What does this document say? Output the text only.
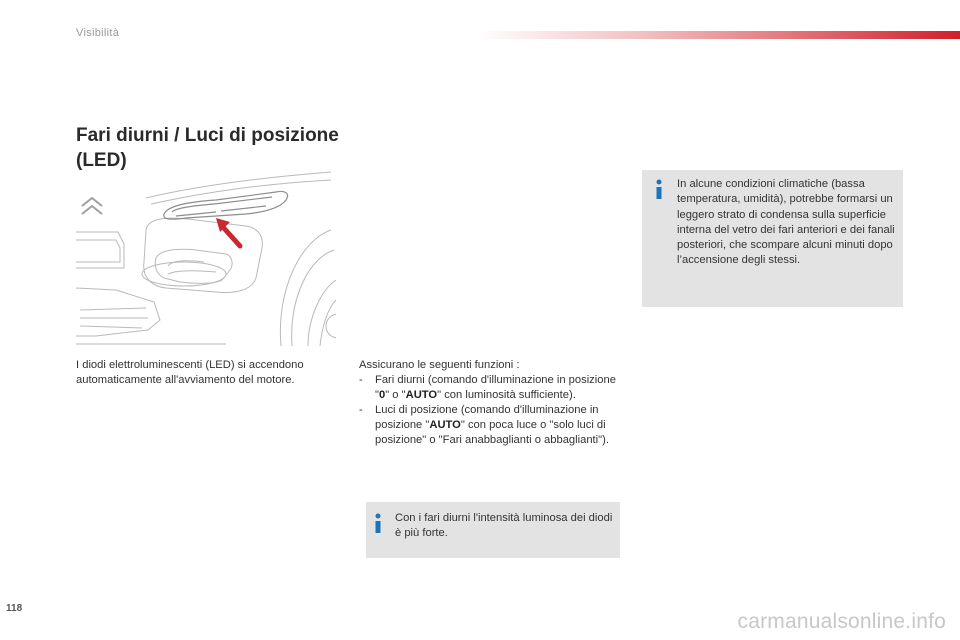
Visibilità
Fari diurni / Luci di posizione (LED)

I diodi elettroluminescenti (LED) si accendono automaticamente all'avviamento del motore.

Assicurano le seguenti funzioni :

- Fari diurni (comando d'illuminazione in posizione "0" o "AUTO" con luminosità sufficiente).
- Luci di posizione (comando d'illuminazione in posizione "AUTO" con poca luce o "solo luci di posizione" o "Fari anabbaglianti o abbaglianti").

Con i fari diurni l'intensità luminosa dei diodi è più forte.

In alcune condizioni climatiche (bassa temperatura, umidità), potrebbe formarsi un leggero strato di condensa sulla superficie interna del vetro dei fari anteriori e dei fanali posteriori, che scompare alcuni minuti dopo l’accensione degli stessi.

118
carmanualsonline.info
